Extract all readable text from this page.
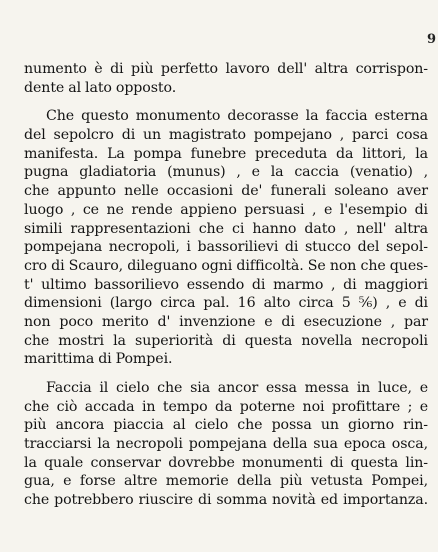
9

numento è di più perfetto lavoro dell' altra corrispon-
dente al lato opposto.

Che questo monumento decorasse la faccia esterna
del sepolcro di un magistrato pompejano , parci cosa
manifesta. La pompa funebre preceduta da littori, la
pugna gladiatoria (munus) , e la caccia (venatio) ,
che appunto nelle occasioni de' funerali soleano aver
luogo , ce ne rende appieno persuasi , e l'esempio di
simili rappresentazioni che ci hanno dato , nell' altra
pompejana necropoli, i bassorilievi di stucco del sepol-
cro di Scauro, dileguano ogni difficoltà. Se non che ques-
t' ultimo bassorilievo essendo di marmo , di maggiori
dimensioni (largo circa pal. 16 alto circa 5 ⁵⁄₆) , e di
non poco merito d' invenzione e di esecuzione , par
che mostri la superiorità di questa novella necropoli
marittima di Pompei.

Faccia il cielo che sia ancor essa messa in luce, e
che ciò accada in tempo da poterne noi profittare ; e
più ancora piaccia al cielo che possa un giorno rin-
tracciarsi la necropoli pompejana della sua epoca osca,
la quale conservar dovrebbe monumenti di questa lin-
gua, e forse altre memorie della più vetusta Pompei,
che potrebbero riuscire di somma novità ed importanza.
